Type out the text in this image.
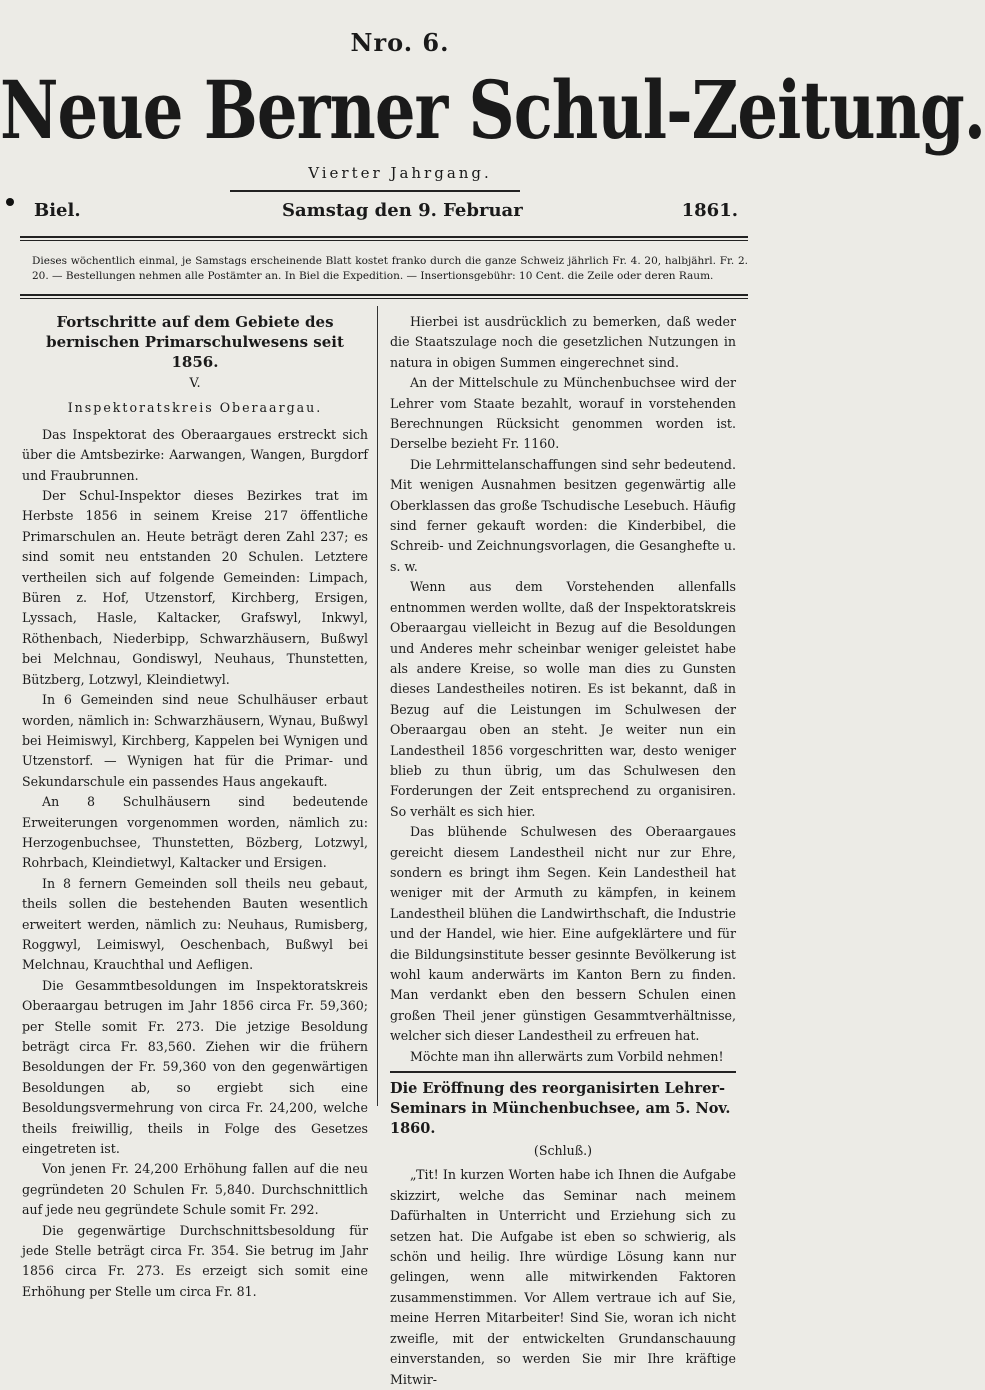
Nro. 6.
Neue Berner Schul-Zeitung.
Vierter Jahrgang.
Biel.	Samstag den 9. Februar	1861.
Dieses wöchentlich einmal, je Samstags erscheinende Blatt kostet franko durch die ganze Schweiz jährlich Fr. 4. 20, halbjährl. Fr. 2. 20. — Bestellungen nehmen alle Postämter an. In Biel die Expedition. — Insertionsgebühr: 10 Cent. die Zeile oder deren Raum.
Fortschritte auf dem Gebiete des bernischen Primarschulwesens seit 1856.
V.
Inspektoratskreis Oberaargau.

Das Inspektorat des Oberaargaues erstreckt sich über die Amtsbezirke: Aarwangen, Wangen, Burgdorf und Fraubrunnen.

Der Schul-Inspektor dieses Bezirkes trat im Herbste 1856 in seinem Kreise 217 öffentliche Primarschulen an. Heute beträgt deren Zahl 237; es sind somit neu entstanden 20 Schulen. Letztere vertheilen sich auf folgende Gemeinden: Limpach, Büren z. Hof, Utzenstorf, Kirchberg, Ersigen, Lyssach, Hasle, Kaltacker, Grafswyl, Inkwyl, Röthenbach, Niederbipp, Schwarzhäusern, Bußwyl bei Melchnau, Gondiswyl, Neuhaus, Thunstetten, Bützberg, Lotzwyl, Kleindietwyl.

In 6 Gemeinden sind neue Schulhäuser erbaut worden, nämlich in: Schwarzhäusern, Wynau, Bußwyl bei Heimiswyl, Kirchberg, Kappelen bei Wynigen und Utzenstorf. — Wynigen hat für die Primar- und Sekundarschule ein passendes Haus angekauft.

An 8 Schulhäusern sind bedeutende Erweiterungen vorgenommen worden, nämlich zu: Herzogenbuchsee, Thunstetten, Bözberg, Lotzwyl, Rohrbach, Kleindietwyl, Kaltacker und Ersigen.

In 8 fernern Gemeinden soll theils neu gebaut, theils sollen die bestehenden Bauten wesentlich erweitert werden, nämlich zu: Neuhaus, Rumisberg, Roggwyl, Leimiswyl, Oeschenbach, Bußwyl bei Melchnau, Krauchthal und Aefligen.

Die Gesammtbesoldungen im Inspektoratskreis Oberaargau betrugen im Jahr 1856 circa Fr. 59,360; per Stelle somit Fr. 273. Die jetzige Besoldung beträgt circa Fr. 83,560. Ziehen wir die frühern Besoldungen der Fr. 59,360 von den gegenwärtigen Besoldungen ab, so ergiebt sich eine Besoldungsvermehrung von circa Fr. 24,200, welche theils freiwillig, theils in Folge des Gesetzes eingetreten ist.

Von jenen Fr. 24,200 Erhöhung fallen auf die neu gegründeten 20 Schulen Fr. 5,840. Durchschnittlich auf jede neu gegründete Schule somit Fr. 292.

Die gegenwärtige Durchschnittsbesoldung für jede Stelle beträgt circa Fr. 354. Sie betrug im Jahr 1856 circa Fr. 273. Es erzeigt sich somit eine Erhöhung per Stelle um circa Fr. 81.

Hierbei ist ausdrücklich zu bemerken, daß weder die Staatszulage noch die gesetzlichen Nutzungen in natura in obigen Summen eingerechnet sind.

An der Mittelschule zu Münchenbuchsee wird der Lehrer vom Staate bezahlt, worauf in vorstehenden Berechnungen Rücksicht genommen worden ist. Derselbe bezieht Fr. 1160.

Die Lehrmittelanschaffungen sind sehr bedeutend. Mit wenigen Ausnahmen besitzen gegenwärtig alle Oberklassen das große Tschudische Lesebuch. Häufig sind ferner gekauft worden: die Kinderbibel, die Schreib- und Zeichnungsvorlagen, die Gesanghefte u. s. w.

Wenn aus dem Vorstehenden allenfalls entnommen werden wollte, daß der Inspektoratskreis Oberaargau vielleicht in Bezug auf die Besoldungen und Anderes mehr scheinbar weniger geleistet habe als andere Kreise, so wolle man dies zu Gunsten dieses Landestheiles notiren. Es ist bekannt, daß in Bezug auf die Leistungen im Schulwesen der Oberaargau oben an steht. Je weiter nun ein Landestheil 1856 vorgeschritten war, desto weniger blieb zu thun übrig, um das Schulwesen den Forderungen der Zeit entsprechend zu organisiren. So verhält es sich hier.

Das blühende Schulwesen des Oberaargaues gereicht diesem Landestheil nicht nur zur Ehre, sondern es bringt ihm Segen. Kein Landestheil hat weniger mit der Armuth zu kämpfen, in keinem Landestheil blühen die Landwirthschaft, die Industrie und der Handel, wie hier. Eine aufgeklärtere und für die Bildungsinstitute besser gesinnte Bevölkerung ist wohl kaum anderwärts im Kanton Bern zu finden. Man verdankt eben den bessern Schulen einen großen Theil jener günstigen Gesammtverhältnisse, welcher sich dieser Landestheil zu erfreuen hat.

Möchte man ihn allerwärts zum Vorbild nehmen!

Die Eröffnung des reorganisirten Lehrer-Seminars in Münchenbuchsee, am 5. Nov. 1860.
(Schluß.)

„Tit! In kurzen Worten habe ich Ihnen die Aufgabe skizzirt, welche das Seminar nach meinem Dafürhalten in Unterricht und Erziehung sich zu setzen hat. Die Aufgabe ist eben so schwierig, als schön und heilig. Ihre würdige Lösung kann nur gelingen, wenn alle mitwirkenden Faktoren zusammenstimmen. Vor Allem vertraue ich auf Sie, meine Herren Mitarbeiter! Sind Sie, woran ich nicht zweifle, mit der entwickelten Grundanschauung einverstanden, so werden Sie mir Ihre kräftige Mitwir-
